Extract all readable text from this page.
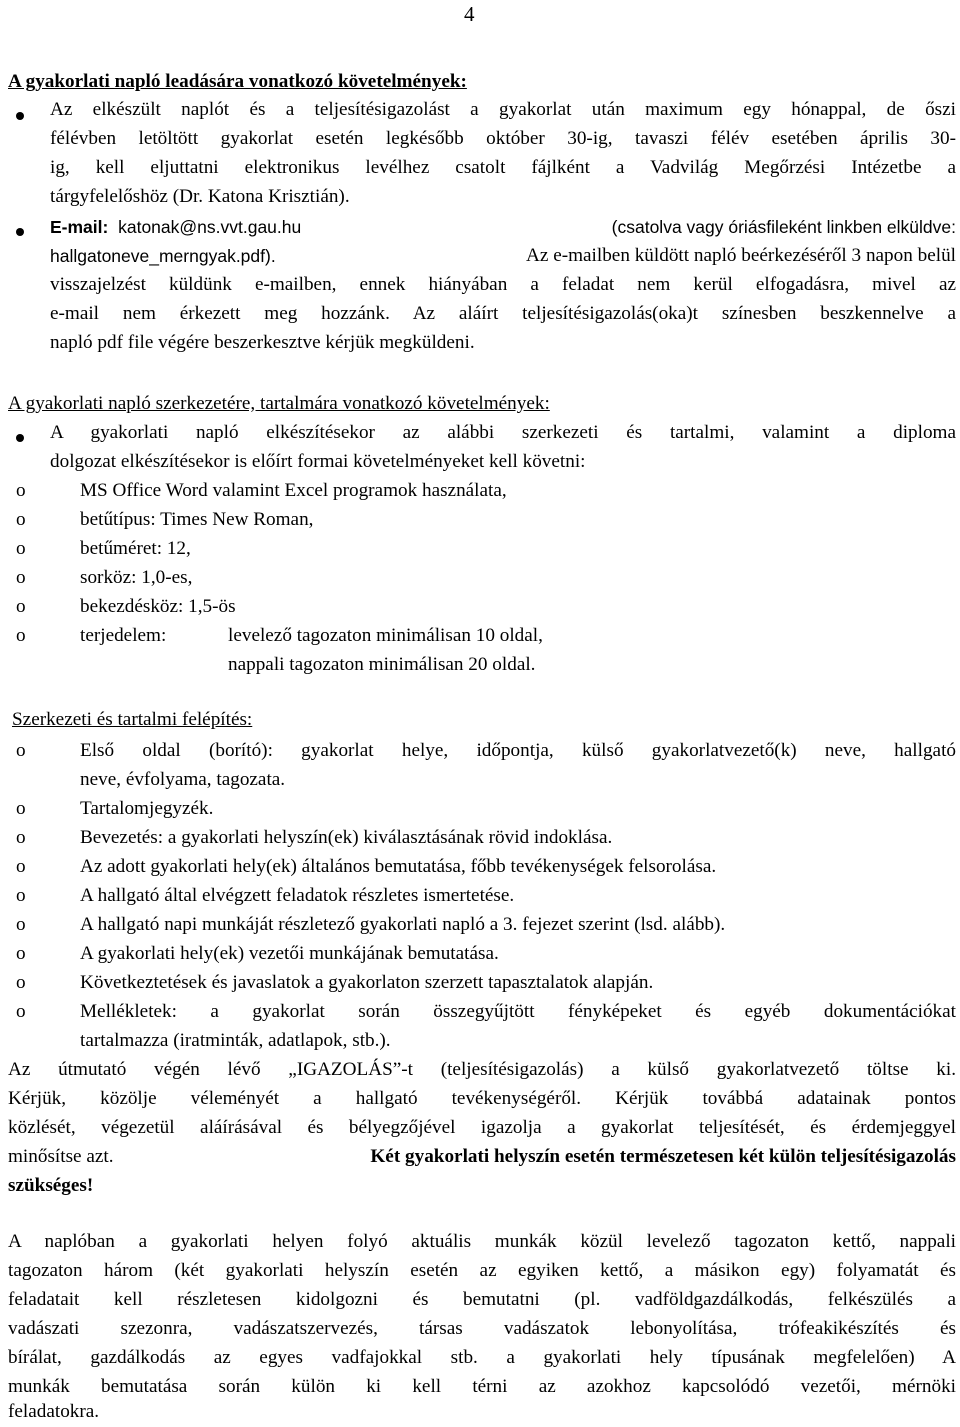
4
A gyakorlati napló leadására vonatkozó követelmények:
Az elkészült naplót és a teljesítésigazolást a gyakorlat után maximum egy hónappal, de őszi
félévben letöltött gyakorlat esetén legkésőbb október 30-ig, tavaszi félév esetében április 30-
ig, kell eljuttatni elektronikus levélhez csatolt fájlként a Vadvilág Megőrzési Intézetbe a
tárgyfelelőshöz (Dr. Katona Krisztián).
E-mail: katonak@ns.vvt.gau.hu	(csatolva vagy óriásfileként linkben elküldve:
hallgatoneve_merngyak.pdf).	Az e-mailben küldött napló beérkezéséről 3 napon belül
visszajelzést küldünk e-mailben, ennek hiányában a feladat nem kerül elfogadásra, mivel az
e-mail nem érkezett meg hozzánk. Az aláírt teljesítésigazolás(oka)t színesben beszkennelve a
napló pdf file végére beszerkesztve kérjük megküldeni.
A gyakorlati napló szerkezetére, tartalmára vonatkozó követelmények:
A gyakorlati napló elkészítésekor az alábbi szerkezeti és tartalmi, valamint a diploma
dolgozat elkészítésekor is előírt formai követelményeket kell követni:
o	MS Office Word valamint Excel programok használata,
o	betűtípus: Times New Roman,
o	betűméret: 12,
o	sorköz: 1,0-es,
o	bekezdésköz: 1,5-ös
o	terjedelem:	levelező tagozaton minimálisan 10 oldal,
nappali tagozaton minimálisan 20 oldal.
Szerkezeti és tartalmi felépítés:
o	Első oldal (borító): gyakorlat helye, időpontja, külső gyakorlatvezető(k) neve, hallgató
neve, évfolyama, tagozata.
o	Tartalomjegyzék.
o	Bevezetés: a gyakorlati helyszín(ek) kiválasztásának rövid indoklása.
o	Az adott gyakorlati hely(ek) általános bemutatása, főbb tevékenységek felsorolása.
o	A hallgató által elvégzett feladatok részletes ismertetése.
o	A hallgató napi munkáját részletező gyakorlati napló a 3. fejezet szerint (lsd. alább).
o	A gyakorlati hely(ek) vezetői munkájának bemutatása.
o	Következtetések és javaslatok a gyakorlaton szerzett tapasztalatok alapján.
o	Mellékletek: a gyakorlat során összegyűjtött fényképeket és egyéb dokumentációkat
tartalmazza (iratminták, adatlapok, stb.).
Az útmutató végén lévő „IGAZOLÁS”-t (teljesítésigazolás) a külső gyakorlatvezető töltse ki.
Kérjük, közölje véleményét a hallgató tevékenységéről. Kérjük továbbá adatainak pontos
közlését, végezetül aláírásával és bélyegzőjével igazolja a gyakorlat teljesítését, és érdemjeggyel
minősítse azt.	Két gyakorlati helyszín esetén természetesen két külön teljesítésigazolás
szükséges!
A naplóban a gyakorlati helyen folyó aktuális munkák közül levelező tagozaton kettő, nappali
tagozaton három (két gyakorlati helyszín esetén az egyiken kettő, a másikon egy) folyamatát és
feladatait kell részletesen kidolgozni és bemutatni (pl. vadföldgazdálkodás, felkészülés a
vadászati szezonra, vadászatszervezés, társas vadászatok lebonyolítása, trófeakikészítés és
bírálat, gazdálkodás az egyes vadfajokkal stb. a gyakorlati hely típusának megfelelően) A
munkák bemutatása során külön ki kell térni az azokhoz kapcsolódó vezetői, mérnöki
feladatokra.
